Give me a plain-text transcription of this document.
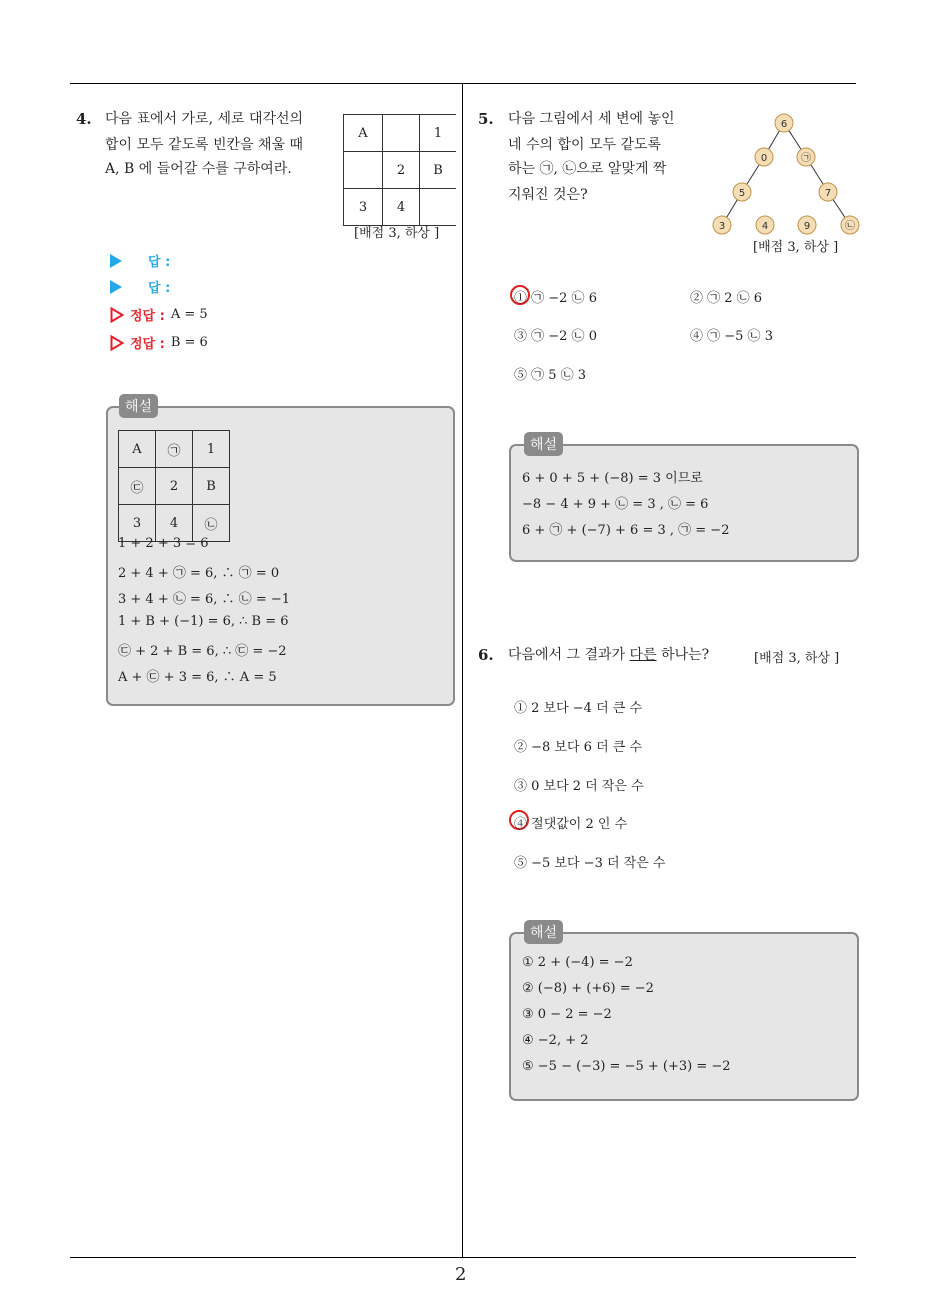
2
4. 다음 표에서 가로, 세로 대각선의
합이 모두 같도록 빈칸을 채울 때
A, B 에 들어갈 수를 구하여라.
A		1
	2	B
3	4	
[배점 3, 하상 ]
답 :
답 :
정답 : A = 5
정답 : B = 6
해설
A	㉠	1
㉢	2	B
3	4	㉡
1 + 2 + 3 = 6
2 + 4 + ㉠ = 6, ∴ ㉠ = 0
3 + 4 + ㉡ = 6, ∴ ㉡ = −1
1 + B + (−1) = 6, ∴ B = 6
㉢ + 2 + B = 6, ∴ ㉢ = −2
A + ㉢ + 3 = 6, ∴ A = 5
5. 다음 그림에서 세 변에 놓인
네 수의 합이 모두 같도록
하는 ㉠, ㉡으로 알맞게 짝
지워진 것은?
6
0	㉠
5	7
3	4	9	㉡
[배점 3, 하상 ]
① ㉠ −2 ㉡ 6	② ㉠ 2 ㉡ 6
③ ㉠ −2 ㉡ 0	④ ㉠ −5 ㉡ 3
⑤ ㉠ 5 ㉡ 3
해설
6 + 0 + 5 + (−8) = 3 이므로
−8 − 4 + 9 + ㉡ = 3 , ㉡ = 6
6 + ㉠ + (−7) + 6 = 3 , ㉠ = −2
6. 다음에서 그 결과가 다른 하나는?	[배점 3, 하상 ]
① 2 보다 −4 더 큰 수
② −8 보다 6 더 큰 수
③ 0 보다 2 더 작은 수
④ 절댓값이 2 인 수
⑤ −5 보다 −3 더 작은 수
해설
① 2 + (−4) = −2
② (−8) + (+6) = −2
③ 0 − 2 = −2
④ −2, + 2
⑤ −5 − (−3) = −5 + (+3) = −2
